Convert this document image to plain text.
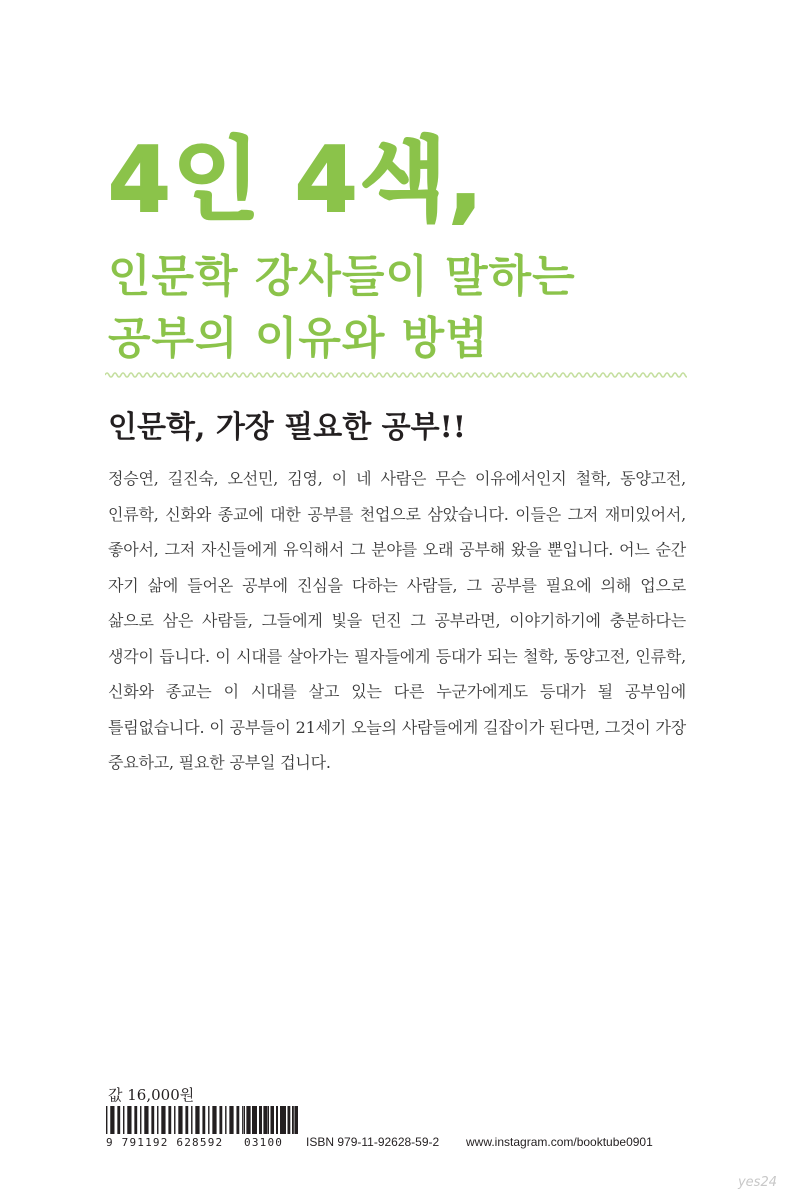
4인 4색,
인문학 강사들이 말하는
공부의 이유와 방법
인문학, 가장 필요한 공부!!

정승연, 길진숙, 오선민, 김영, 이 네 사람은 무슨 이유에서인지 철학, 동양고전, 인류학, 신화와 종교에 대한 공부를 천업으로 삼았습니다. 이들은 그저 재미있어서, 좋아서, 그저 자신들에게 유익해서 그 분야를 오래 공부해 왔을 뿐입니다. 어느 순간 자기 삶에 들어온 공부에 진심을 다하는 사람들, 그 공부를 필요에 의해 업으로 삶으로 삼은 사람들, 그들에게 빛을 던진 그 공부라면, 이야기하기에 충분하다는 생각이 듭니다. 이 시대를 살아가는 필자들에게 등대가 되는 철학, 동양고전, 인류학, 신화와 종교는 이 시대를 살고 있는 다른 누군가에게도 등대가 될 공부임에 틀림없습니다. 이 공부들이 21세기 오늘의 사람들에게 길잡이가 된다면, 그것이 가장 중요하고, 필요한 공부일 겁니다.

값 16,000원
9 791192 628592 03100 ISBN 979-11-92628-59-2 www.instagram.com/booktube0901
yes24
